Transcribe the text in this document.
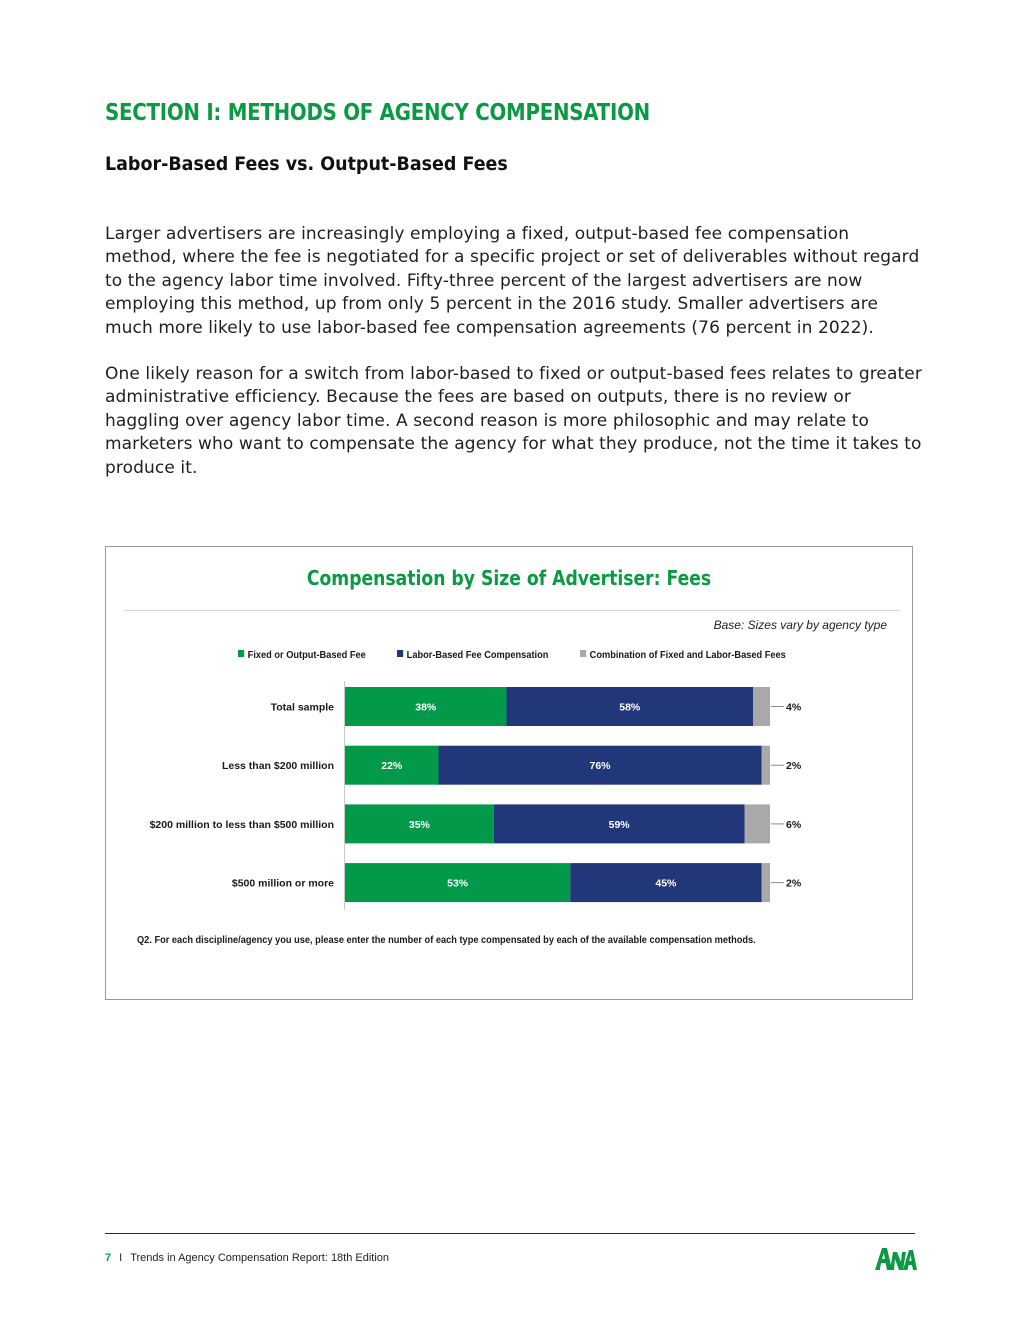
SECTION I: METHODS OF AGENCY COMPENSATION
Labor-Based Fees vs. Output-Based Fees

Larger advertisers are increasingly employing a fixed, output-based fee compensation method, where the fee is negotiated for a specific project or set of deliverables without regard to the agency labor time involved. Fifty-three percent of the largest advertisers are now employing this method, up from only 5 percent in the 2016 study. Smaller advertisers are much more likely to use labor-based fee compensation agreements (76 percent in 2022).

One likely reason for a switch from labor-based to fixed or output-based fees relates to greater administrative efficiency. Because the fees are based on outputs, there is no review or haggling over agency labor time. A second reason is more philosophic and may relate to marketers who want to compensate the agency for what they produce, not the time it takes to produce it.

Compensation by Size of Advertiser: Fees
Base: Sizes vary by agency type
Fixed or Output-Based Fee	Labor-Based Fee Compensation	Combination of Fixed and Labor-Based Fees
Total sample	38%	58%	4%
Less than $200 million	22%	76%	2%
$200 million to less than $500 million	35%	59%	6%
$500 million or more	53%	45%	2%
Q2. For each discipline/agency you use, please enter the number of each type compensated by each of the available compensation methods.
7 I Trends in Agency Compensation Report: 18th Edition
